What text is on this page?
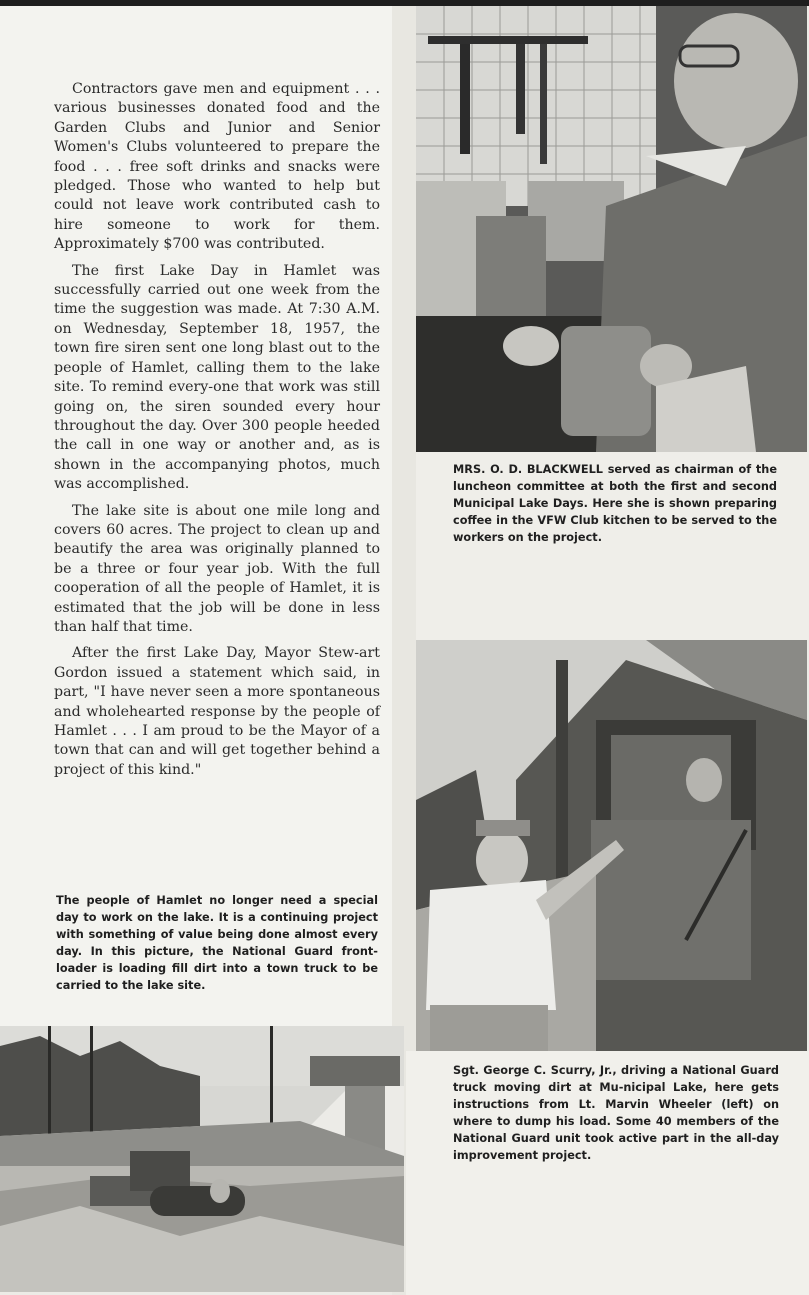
Contractors gave men and equipment . . . various businesses donated food and the Garden Clubs and Junior and Senior Women's Clubs volunteered to prepare the food . . . free soft drinks and snacks were pledged. Those who wanted to help but could not leave work contributed cash to hire someone to work for them. Approximately $700 was contributed.

The first Lake Day in Hamlet was successfully carried out one week from the time the suggestion was made. At 7:30 A.M. on Wednesday, September 18, 1957, the town fire siren sent one long blast out to the people of Hamlet, calling them to the lake site. To remind every-one that work was still going on, the siren sounded every hour throughout the day. Over 300 people heeded the call in one way or another and, as is shown in the accompanying photos, much was accomplished.

The lake site is about one mile long and covers 60 acres. The project to clean up and beautify the area was originally planned to be a three or four year job. With the full cooperation of all the people of Hamlet, it is estimated that the job will be done in less than half that time.

After the first Lake Day, Mayor Stew-art Gordon issued a statement which said, in part, "I have never seen a more spontaneous and wholehearted response by the people of Hamlet . . . I am proud to be the Mayor of a town that can and will get together behind a project of this kind."

The people of Hamlet no longer need a special day to work on the lake. It is a continuing project with something of value being done almost every day. In this picture, the National Guard front-loader is loading fill dirt into a town truck to be carried to the lake site.
MRS. O. D. BLACKWELL served as chairman of the luncheon committee at both the first and second Municipal Lake Days. Here she is shown preparing coffee in the VFW Club kitchen to be served to the workers on the project.
Sgt. George C. Scurry, Jr., driving a National Guard truck moving dirt at Mu-nicipal Lake, here gets instructions from Lt. Marvin Wheeler (left) on where to dump his load. Some 40 members of the National Guard unit took active part in the all-day improvement project.
